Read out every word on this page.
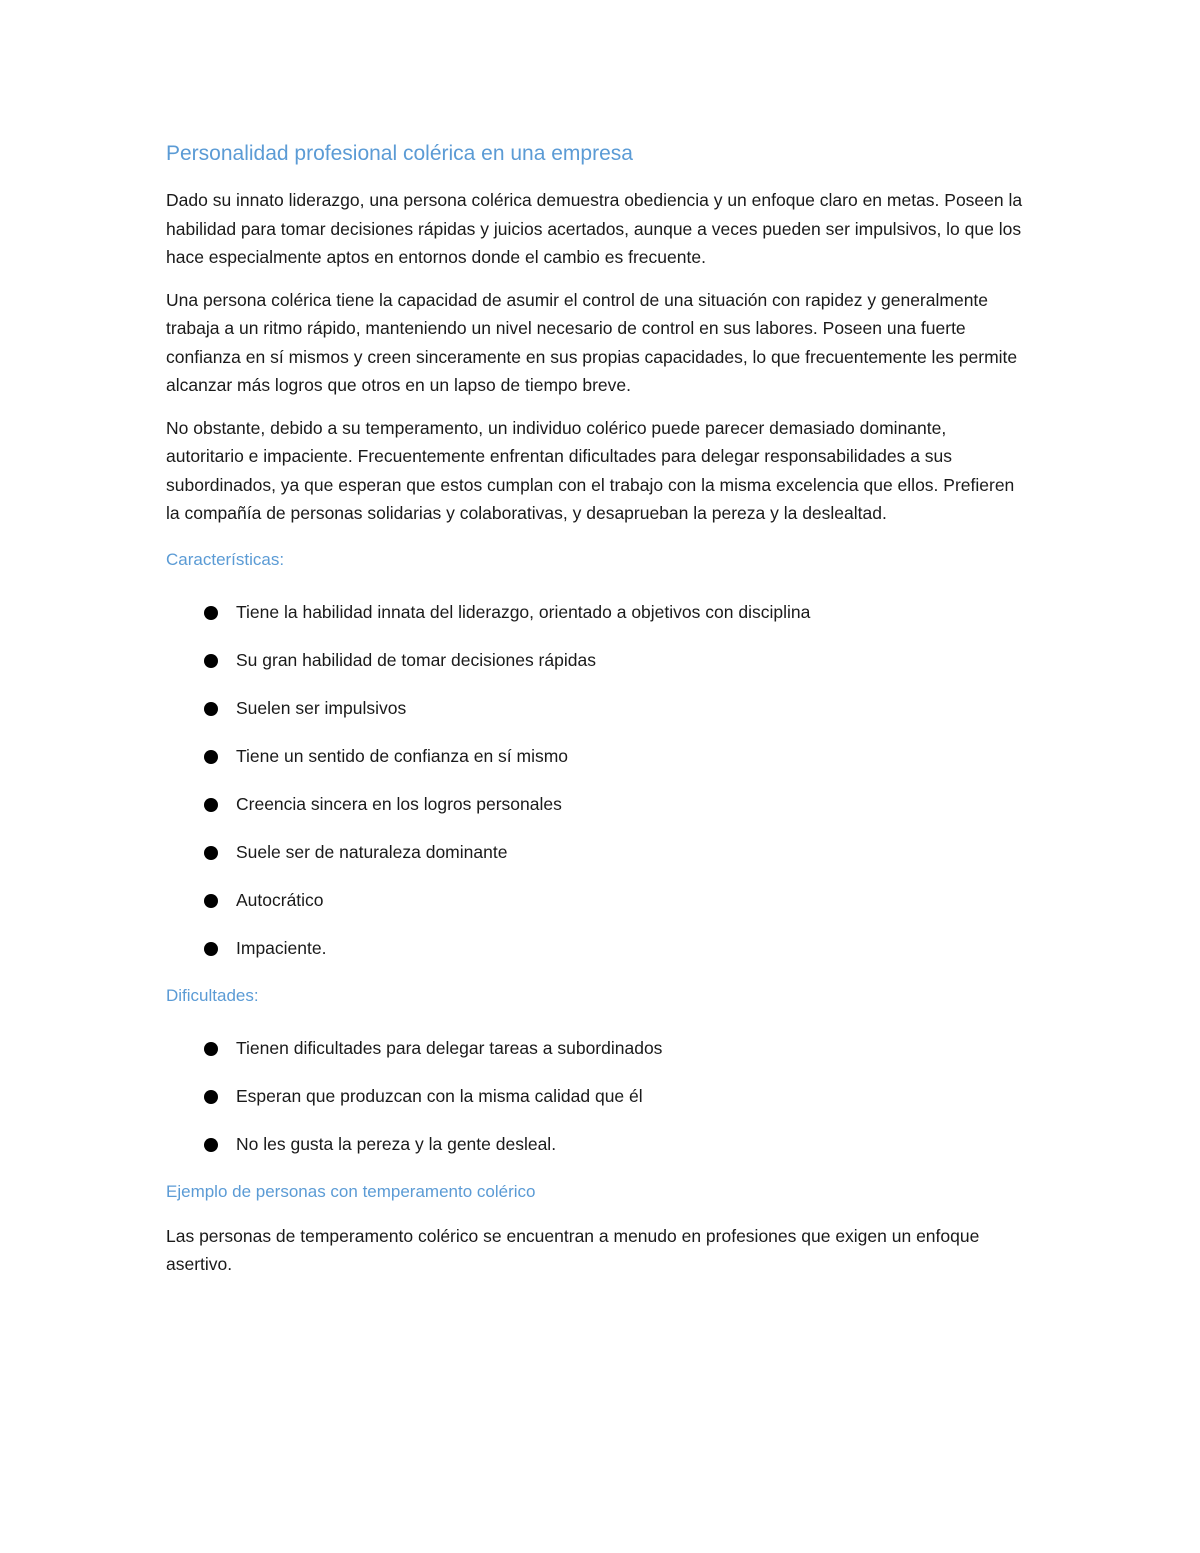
Personalidad profesional colérica en una empresa

Dado su innato liderazgo, una persona colérica demuestra obediencia y un enfoque claro en metas. Poseen la habilidad para tomar decisiones rápidas y juicios acertados, aunque a veces pueden ser impulsivos, lo que los hace especialmente aptos en entornos donde el cambio es frecuente.

Una persona colérica tiene la capacidad de asumir el control de una situación con rapidez y generalmente trabaja a un ritmo rápido, manteniendo un nivel necesario de control en sus labores. Poseen una fuerte confianza en sí mismos y creen sinceramente en sus propias capacidades, lo que frecuentemente les permite alcanzar más logros que otros en un lapso de tiempo breve.

No obstante, debido a su temperamento, un individuo colérico puede parecer demasiado dominante, autoritario e impaciente. Frecuentemente enfrentan dificultades para delegar responsabilidades a sus subordinados, ya que esperan que estos cumplan con el trabajo con la misma excelencia que ellos. Prefieren la compañía de personas solidarias y colaborativas, y desaprueban la pereza y la deslealtad.

Características:
Tiene la habilidad innata del liderazgo, orientado a objetivos con disciplina
Su gran habilidad de tomar decisiones rápidas
Suelen ser impulsivos
Tiene un sentido de confianza en sí mismo
Creencia sincera en los logros personales
Suele ser de naturaleza dominante
Autocrático
Impaciente.
Dificultades:
Tienen dificultades para delegar tareas a subordinados
Esperan que produzcan con la misma calidad que él
No les gusta la pereza y la gente desleal.
Ejemplo de personas con temperamento colérico

Las personas de temperamento colérico se encuentran a menudo en profesiones que exigen un enfoque asertivo.
